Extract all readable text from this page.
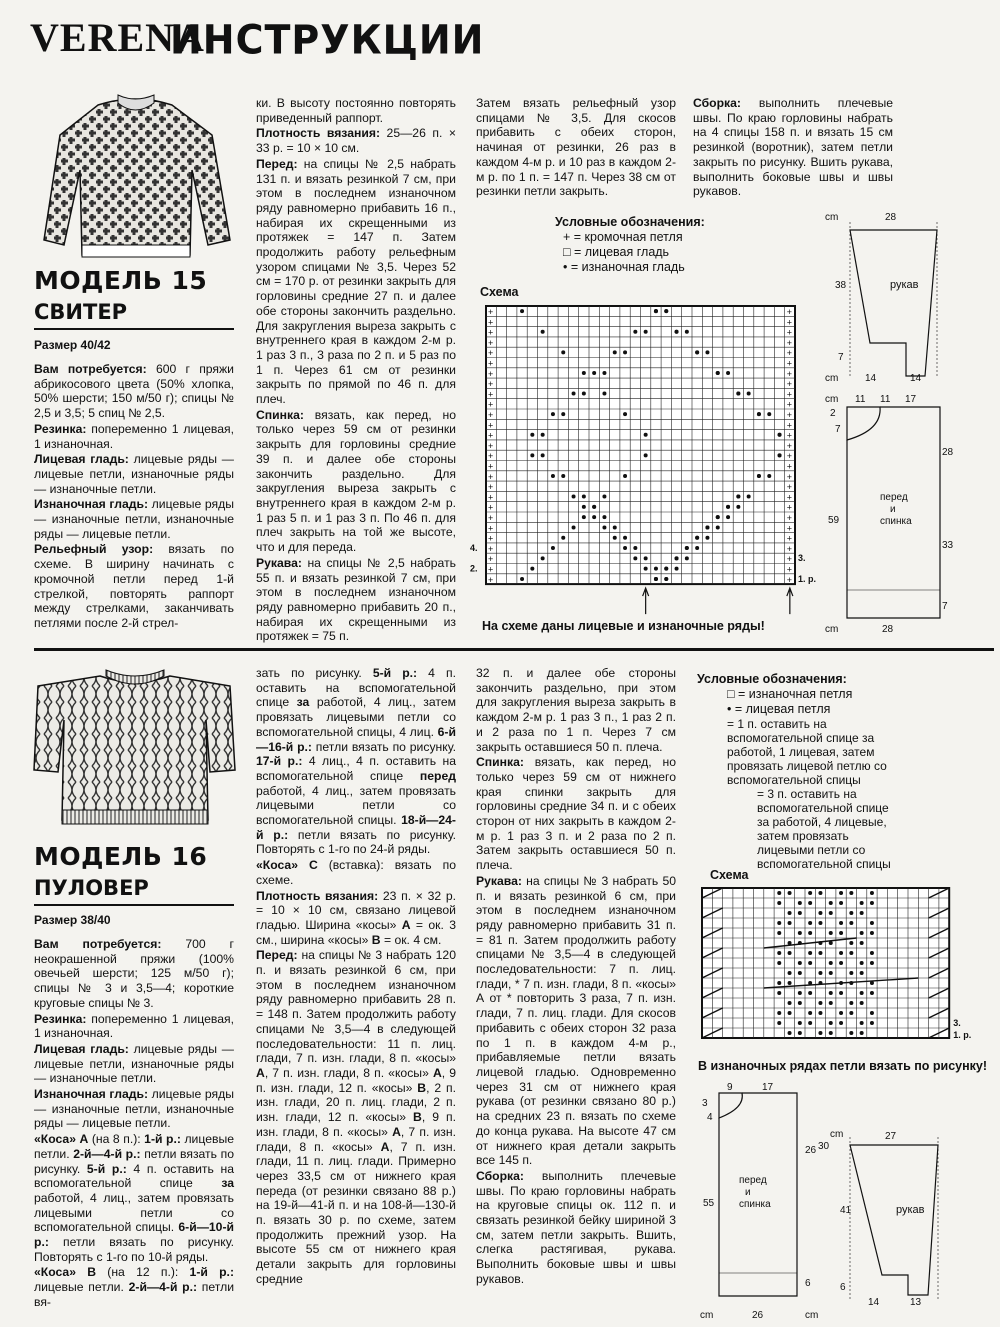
VERENA
ИНСТРУКЦИИ
МОДЕЛЬ 15
СВИТЕР
Размер 40/42

Вам потребуется: 600 г пряжи абрикосового цвета (50% хлопка, 50% шерсти; 150 м/50 г); спицы № 2,5 и 3,5; 5 спиц № 2,5.

Резинка: попеременно 1 лицевая, 1 изнаночная.

Лицевая гладь: лицевые ряды — лицевые петли, изнаночные ряды — изнаночные петли.

Изнаночная гладь: лицевые ряды — изнаночные петли, изнаночные ряды — лицевые петли.

Рельефный узор: вязать по схеме. В ширину начинать с кромочной петли перед 1-й стрелкой, повторять раппорт между стрелками, заканчивать петлями после 2-й стрел-

ки. В высоту постоянно повторять приведенный раппорт.

Плотность вязания: 25—26 п. × 33 р. = 10 × 10 см.

Перед: на спицы № 2,5 набрать 131 п. и вязать резинкой 7 см, при этом в последнем изнаночном ряду равномерно прибавить 16 п., набирая их скрещенными из протяжек = 147 п. Затем продолжить работу рельефным узором спицами № 3,5. Через 52 см = 170 р. от резинки закрыть для горловины средние 27 п. и далее обе стороны закончить раздельно. Для закругления выреза закрыть с внутреннего края в каждом 2-м р. 1 раз 3 п., 3 раза по 2 п. и 5 раз по 1 п. Через 61 см от резинки закрыть по прямой по 46 п. для плеч.

Спинка: вязать, как перед, но только через 59 см от резинки закрыть для горловины средние 39 п. и далее обе стороны закончить раздельно. Для закругления выреза закрыть с внутреннего края в каждом 2-м р. 1 раз 5 п. и 1 раз 3 п. По 46 п. для плеч закрыть на той же высоте, что и для переда.

Рукава: на спицы № 2,5 набрать 55 п. и вязать резинкой 7 см, при этом в последнем изнаночном ряду равномерно прибавить 20 п., набирая их скрещенными из протяжек = 75 п.

Затем вязать рельефный узор спицами № 3,5. Для скосов прибавить с обеих сторон, начиная от резинки, 26 раз в каждом 4-м р. и 10 раз в каждом 2-м р. по 1 п. = 147 п. Через 38 см от резинки петли закрыть.

Сборка: выполнить плечевые швы. По краю горловины набрать на 4 спицы 158 п. и вязать 15 см резинкой (воротник), затем петли закрыть по рисунку. Вшить рукава, выполнить боковые швы и швы рукавов.

Условные обозначения:
+ = кромочная петля
□ = лицевая гладь
• = изнаночная гладь
Схема
+	+
+	+
+	+
+	+
+	+
+	+
+	+
+	+
+	+
+	+
+	+
+	+
+	+
+	+
+	+
+	+
+	+
+	+
+	+
+	+
+	+
+	+
+	+
+	+
+	+
+	+
+	+
4.
2.
3.
1. р.
На схеме даны лицевые и изнаночные ряды!
cm	28
38
7
рукав
cm	14	14
cm 11 11 17
2
7
28
59
33
7
перед
и
спинка
cm	28
МОДЕЛЬ 16
ПУЛОВЕР
Размер 38/40

Вам потребуется: 700 г неокрашенной пряжи (100% овечьей шерсти; 125 м/50 г); спицы № 3 и 3,5—4; короткие круговые спицы № 3.

Резинка: попеременно 1 лицевая, 1 изнаночная.

Лицевая гладь: лицевые ряды — лицевые петли, изнаночные ряды — изнаночные петли.

Изнаночная гладь: лицевые ряды — изнаночные петли, изнаночные ряды — лицевые петли.

«Коса» А (на 8 п.): 1-й р.: лицевые петли. 2-й—4-й р.: петли вязать по рисунку. 5-й р.: 4 п. оставить на вспомогательной спице за работой, 4 лиц., затем провязать лицевыми петли со вспомогательной спицы. 6-й—10-й р.: петли вязать по рисунку. Повторять с 1-го по 10-й ряды.

«Коса» В (на 12 п.): 1-й р.: лицевые петли. 2-й—4-й р.: петли вя-

зать по рисунку. 5-й р.: 4 п. оставить на вспомогательной спице за работой, 4 лиц., затем провязать лицевыми петли со вспомогательной спицы, 4 лиц. 6-й—16-й р.: петли вязать по рисунку. 17-й р.: 4 лиц., 4 п. оставить на вспомогательной спице перед работой, 4 лиц., затем провязать лицевыми петли со вспомогательной спицы. 18-й—24-й р.: петли вязать по рисунку. Повторять с 1-го по 24-й ряды.

«Коса» С (вставка): вязать по схеме.

Плотность вязания: 23 п. × 32 р. = 10 × 10 см, связано лицевой гладью. Ширина «косы» А = ок. 3 см., ширина «косы» В = ок. 4 см.

Перед: на спицы № 3 набрать 120 п. и вязать резинкой 6 см, при этом в последнем изнаночном ряду равномерно прибавить 28 п. = 148 п. Затем продолжить работу спицами № 3,5—4 в следующей последовательности: 11 п. лиц. глади, 7 п. изн. глади, 8 п. «косы» А, 7 п. изн. глади, 8 п. «косы» А, 9 п. изн. глади, 12 п. «косы» В, 2 п. изн. глади, 20 п. лиц. глади, 2 п. изн. глади, 12 п. «косы» В, 9 п. изн. глади, 8 п. «косы» А, 7 п. изн. глади, 8 п. «косы» А, 7 п. изн. глади, 11 п. лиц. глади. Примерно через 33,5 см от нижнего края переда (от резинки связано 88 р.) на 19-й—41-й п. и на 108-й—130-й п. вязать 30 р. по схеме, затем продолжить прежний узор. На высоте 55 см от нижнего края детали закрыть для горловины средние

32 п. и далее обе стороны закончить раздельно, при этом для закругления выреза закрыть в каждом 2-м р. 1 раз 3 п., 1 раз 2 п. и 2 раза по 1 п. Через 7 см закрыть оставшиеся 50 п. плеча.

Спинка: вязать, как перед, но только через 59 см от нижнего края спинки закрыть для горловины средние 34 п. и с обеих сторон от них закрыть в каждом 2-м р. 1 раз 3 п. и 2 раза по 2 п. Затем закрыть оставшиеся 50 п. плеча.

Рукава: на спицы № 3 набрать 50 п. и вязать резинкой 6 см, при этом в последнем изнаночном ряду равномерно прибавить 31 п. = 81 п. Затем продолжить работу спицами № 3,5—4 в следующей последовательности: 7 п. лиц. глади, * 7 п. изн. глади, 8 п. «косы» А от * повторить 3 раза, 7 п. изн. глади, 7 п. лиц. глади. Для скосов прибавить с обеих сторон 32 раза по 1 п. в каждом 4-м р., прибавляемые петли вязать лицевой гладью. Одновременно через 31 см от нижнего края рукава (от резинки связано 80 р.) на средних 23 п. вязать по схеме до конца рукава. На высоте 47 см от нижнего края детали закрыть все 145 п.

Сборка: выполнить плечевые швы. По краю горловины набрать на круговые спицы ок. 112 п. и связать резинкой бейку шириной 3 см, затем петли закрыть. Вшить, слегка растягивая, рукава. Выполнить боковые швы и швы рукавов.

Условные обозначения:
□ = изнаночная петля
• = лицевая петля
= 1 п. оставить на вспомогательной спице за работой, 1 лицевая, затем провязать лицевой петлю со вспомогательной спицы
= 3 п. оставить на вспомогательной спице за работой, 4 лицевые, затем провязать лицевыми петли со вспомогательной спицы
Схема
3.
1. р.
В изнаночных рядах петли вязать по рисунку!
9	17
3
4
55
перед
и
спинка
cm	26
26
6
cm
cm	27
30
41	рукав
6
14	13
